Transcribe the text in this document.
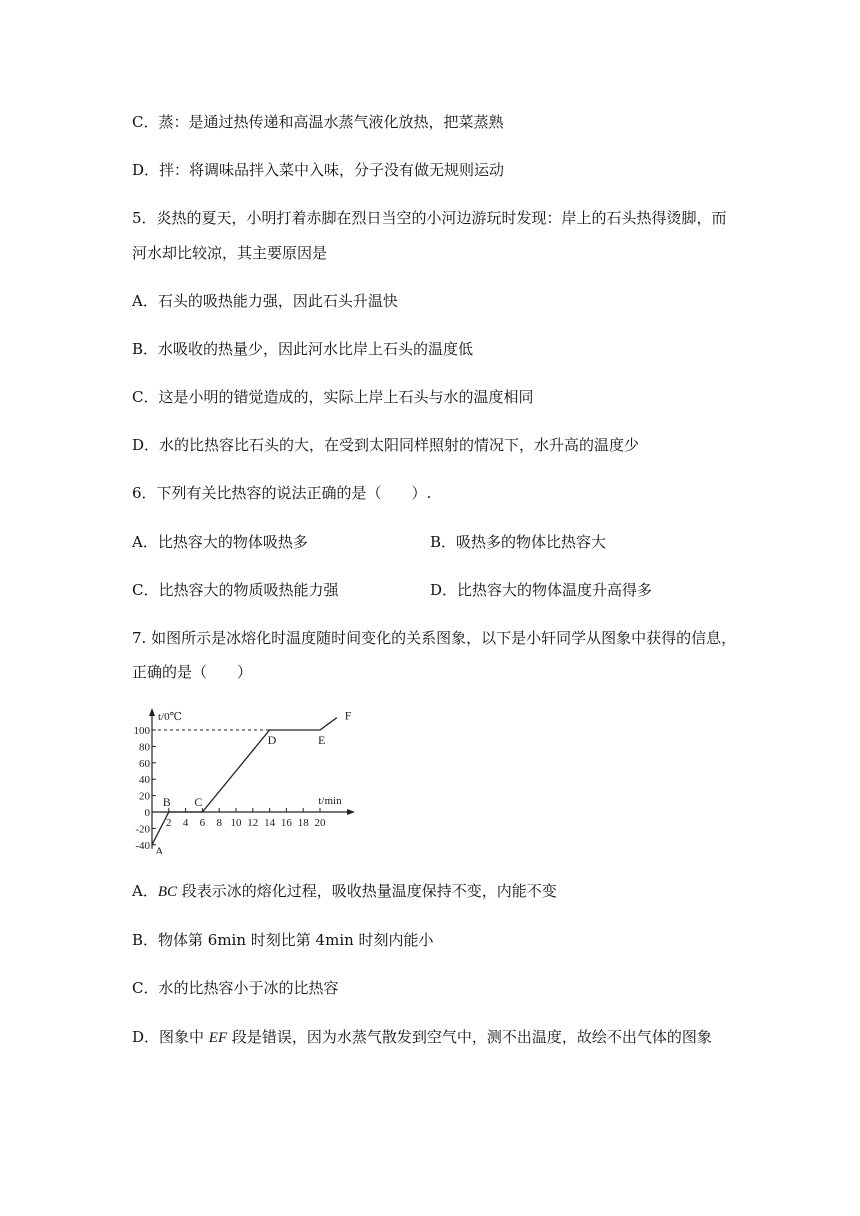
C．蒸：是通过热传递和高温水蒸气液化放热，把菜蒸熟
D．拌：将调味品拌入菜中入味，分子没有做无规则运动
5．炎热的夏天，小明打着赤脚在烈日当空的小河边游玩时发现：岸上的石头热得烫脚，而
河水却比较凉，其主要原因是
A．石头的吸热能力强，因此石头升温快
B．水吸收的热量少，因此河水比岸上石头的温度低
C．这是小明的错觉造成的，实际上岸上石头与水的温度相同
D．水的比热容比石头的大，在受到太阳同样照射的情况下，水升高的温度少
6．下列有关比热容的说法正确的是（　　）.
A．比热容大的物体吸热多	B．吸热多的物体比热容大
C．比热容大的物质吸热能力强	D．比热容大的物体温度升高得多
7. 如图所示是冰熔化时温度随时间变化的关系图象，以下是小轩同学从图象中获得的信息，
正确的是（　　）
t/0℃
t/min
100
80
60
40
20
0
-20
-40
2 4 6 8 10 12 14 16 18 20
A
B C
D	E
F
A．BC 段表示冰的熔化过程，吸收热量温度保持不变，内能不变
B．物体第 6min 时刻比第 4min 时刻内能小
C．水的比热容小于冰的比热容
D．图象中 EF 段是错误，因为水蒸气散发到空气中，测不出温度，故绘不出气体的图象
